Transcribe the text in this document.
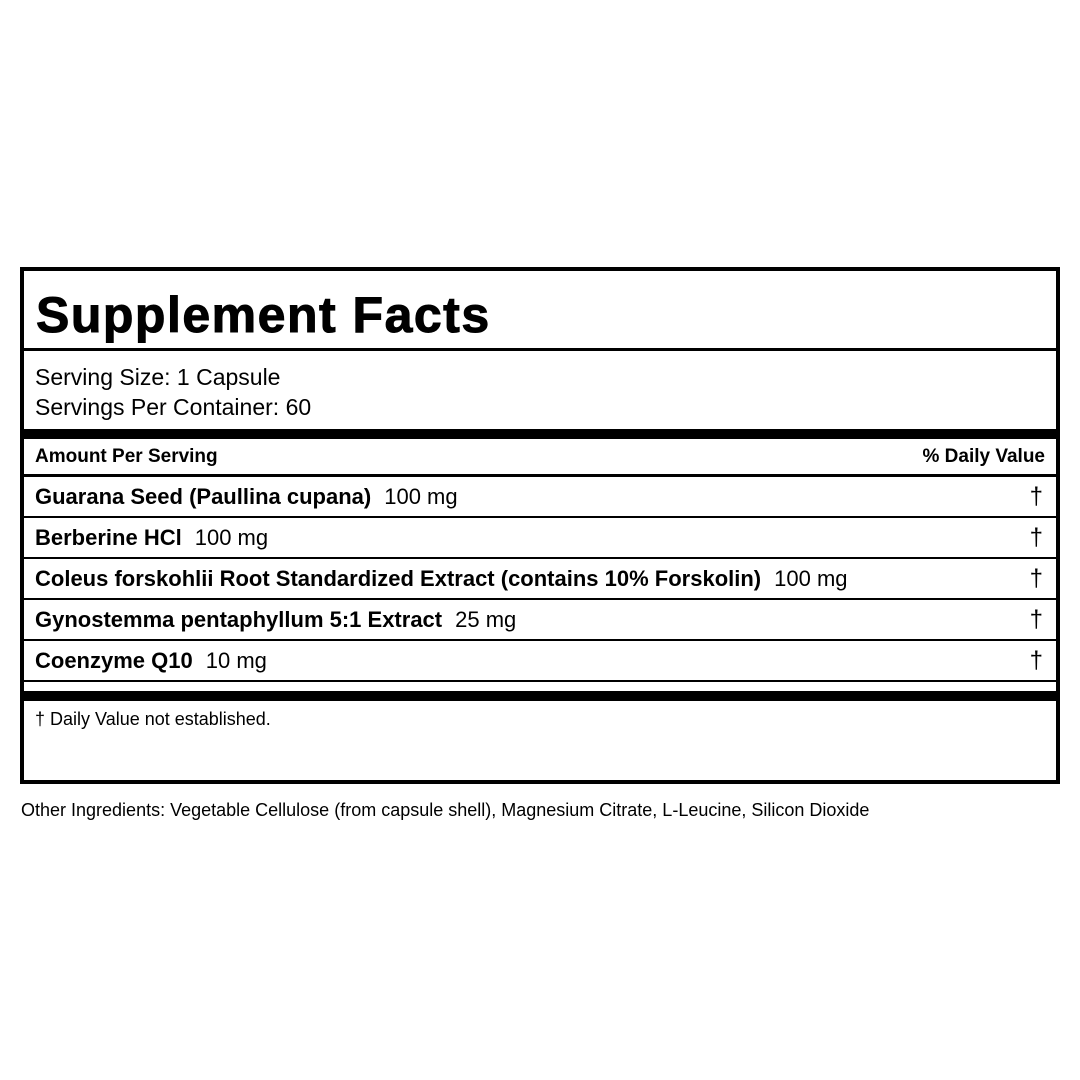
Supplement Facts
Serving Size: 1 Capsule
Servings Per Container: 60
Amount Per Serving	% Daily Value
Guarana Seed (Paullina cupana) 100 mg	†
Berberine HCl 100 mg	†
Coleus forskohlii Root Standardized Extract (contains 10% Forskolin) 100 mg	†
Gynostemma pentaphyllum 5:1 Extract 25 mg	†
Coenzyme Q10 10 mg	†
† Daily Value not established.
Other Ingredients: Vegetable Cellulose (from capsule shell), Magnesium Citrate, L-Leucine, Silicon Dioxide
